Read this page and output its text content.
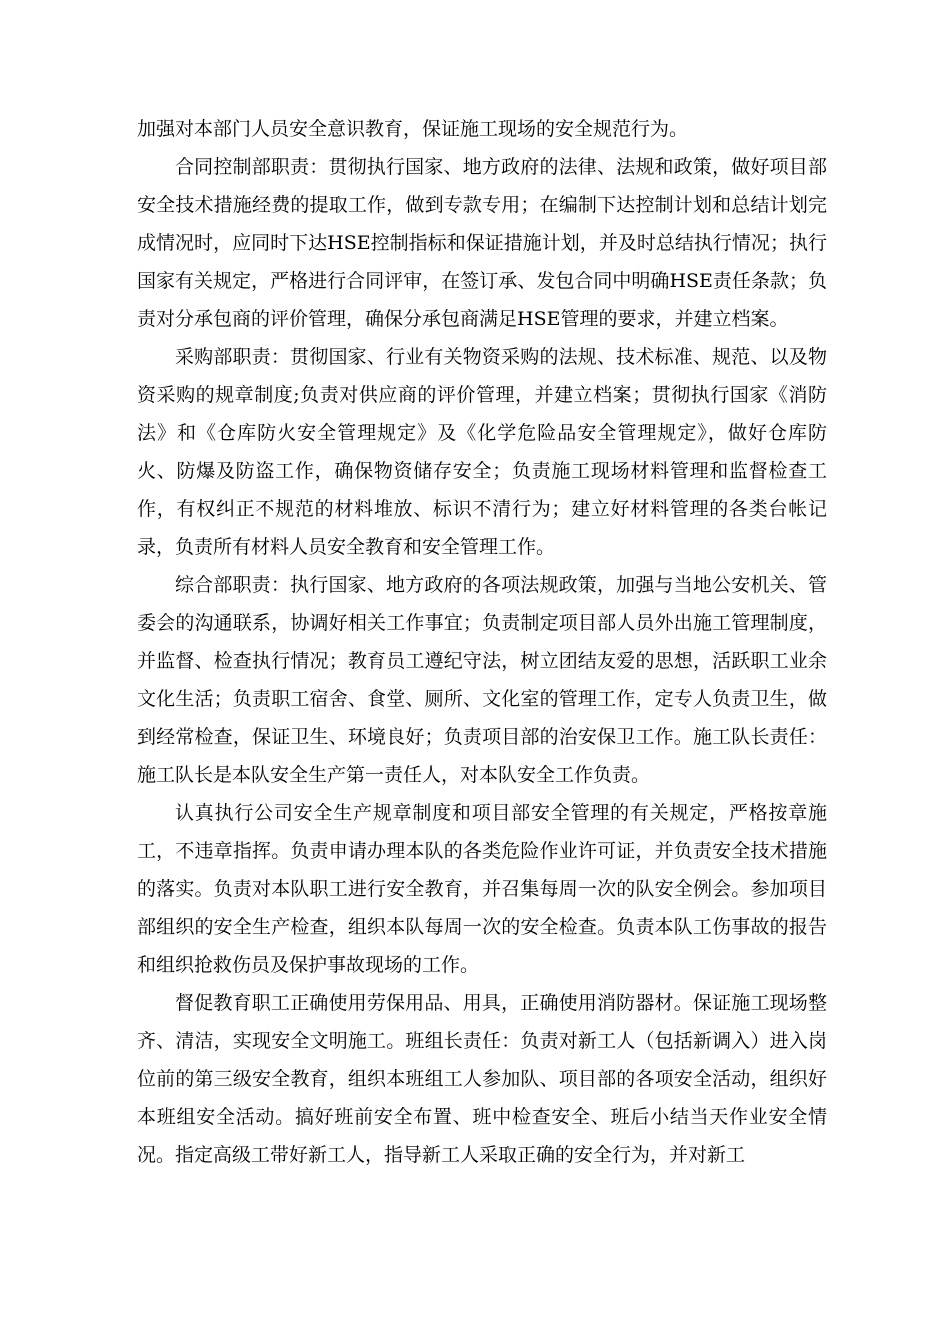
加强对本部门人员安全意识教育，保证施工现场的安全规范行为。

合同控制部职责：贯彻执行国家、地方政府的法律、法规和政策，做好项目部安全技术措施经费的提取工作，做到专款专用；在编制下达控制计划和总结计划完成情况时，应同时下达HSE控制指标和保证措施计划，并及时总结执行情况；执行国家有关规定，严格进行合同评审，在签订承、发包合同中明确HSE责任条款；负责对分承包商的评价管理，确保分承包商满足HSE管理的要求，并建立档案。

采购部职责：贯彻国家、行业有关物资采购的法规、技术标准、规范、以及物资采购的规章制度;负责对供应商的评价管理，并建立档案；贯彻执行国家《消防法》和《仓库防火安全管理规定》及《化学危险品安全管理规定》，做好仓库防火、防爆及防盗工作，确保物资储存安全；负责施工现场材料管理和监督检查工作，有权纠正不规范的材料堆放、标识不清行为；建立好材料管理的各类台帐记录，负责所有材料人员安全教育和安全管理工作。

综合部职责：执行国家、地方政府的各项法规政策，加强与当地公安机关、管委会的沟通联系，协调好相关工作事宜；负责制定项目部人员外出施工管理制度，并监督、检查执行情况；教育员工遵纪守法，树立团结友爱的思想，活跃职工业余文化生活；负责职工宿舍、食堂、厕所、文化室的管理工作，定专人负责卫生，做到经常检查，保证卫生、环境良好；负责项目部的治安保卫工作。施工队长责任：施工队长是本队安全生产第一责任人，对本队安全工作负责。

认真执行公司安全生产规章制度和项目部安全管理的有关规定，严格按章施工，不违章指挥。负责申请办理本队的各类危险作业许可证，并负责安全技术措施的落实。负责对本队职工进行安全教育，并召集每周一次的队安全例会。参加项目部组织的安全生产检查，组织本队每周一次的安全检查。负责本队工伤事故的报告和组织抢救伤员及保护事故现场的工作。

督促教育职工正确使用劳保用品、用具，正确使用消防器材。保证施工现场整齐、清洁，实现安全文明施工。班组长责任：负责对新工人（包括新调入）进入岗位前的第三级安全教育，组织本班组工人参加队、项目部的各项安全活动，组织好本班组安全活动。搞好班前安全布置、班中检查安全、班后小结当天作业安全情况。指定高级工带好新工人，指导新工人采取正确的安全行为，并对新工
